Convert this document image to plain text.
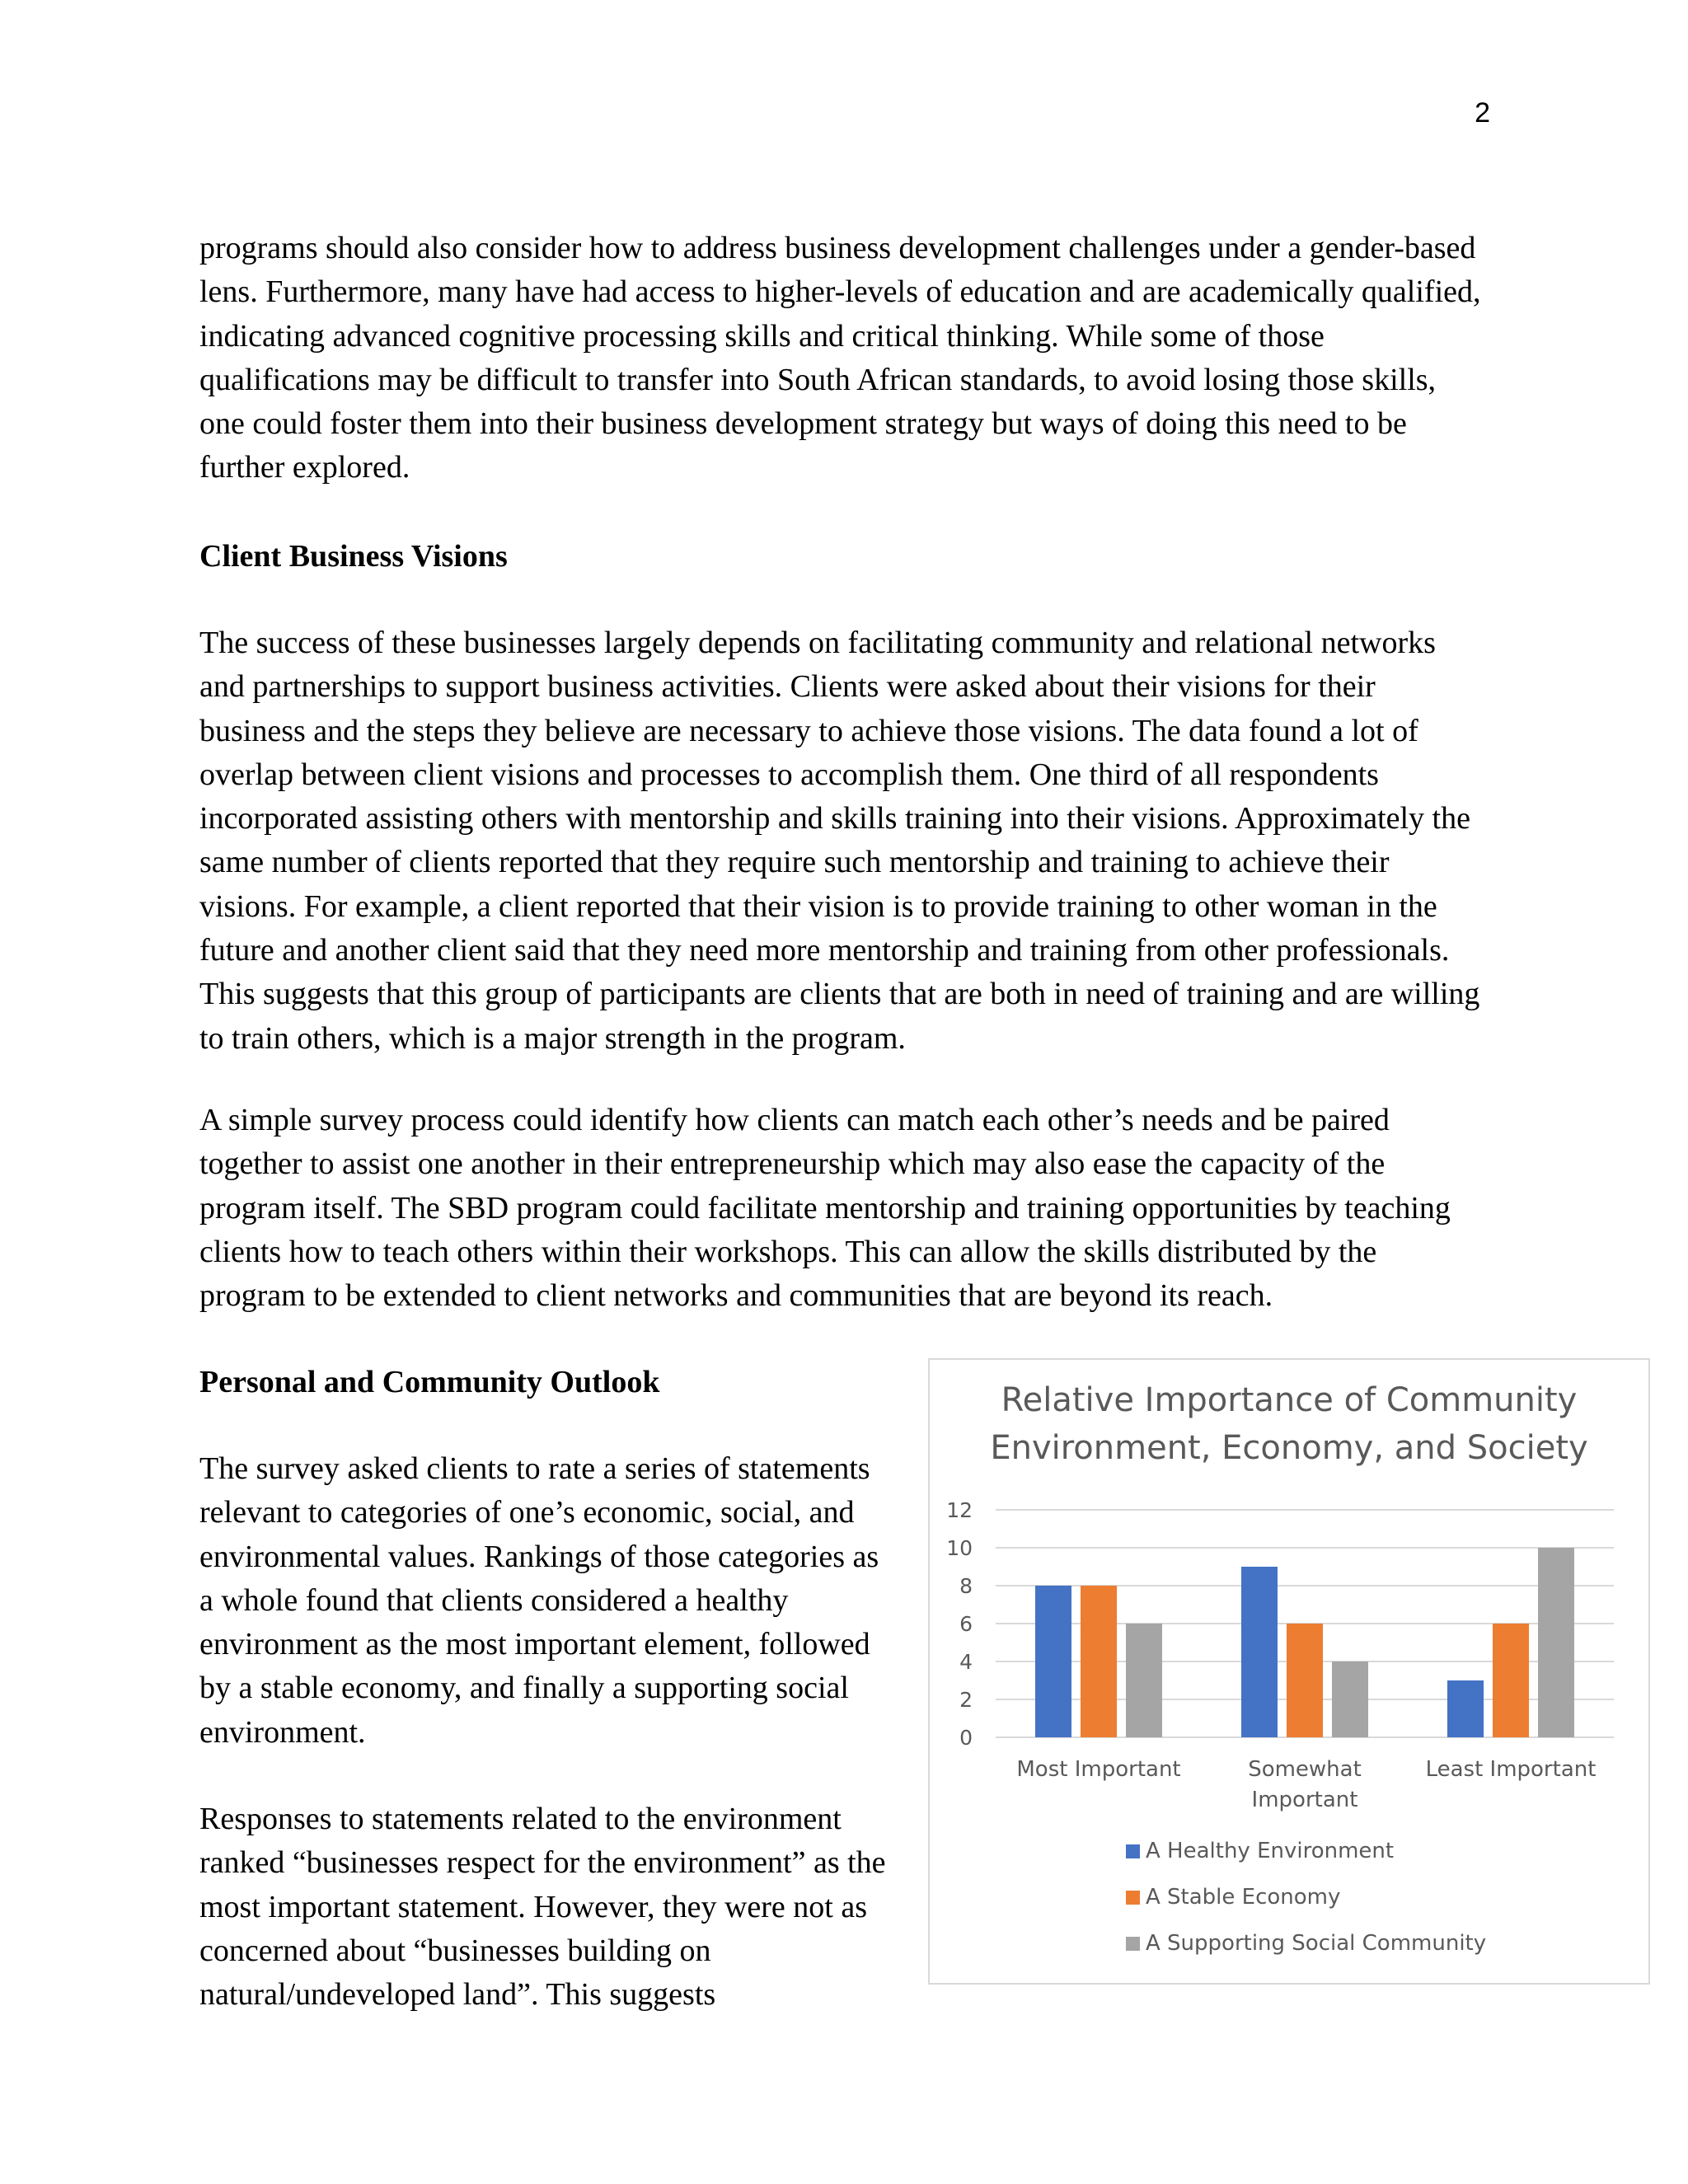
2

programs should also consider how to address business development challenges under a gender-based lens. Furthermore, many have had access to higher-levels of education and are academically qualified, indicating advanced cognitive processing skills and critical thinking. While some of those qualifications may be difficult to transfer into South African standards, to avoid losing those skills, one could foster them into their business development strategy but ways of doing this need to be further explored.

Client Business Visions

The success of these businesses largely depends on facilitating community and relational networks and partnerships to support business activities. Clients were asked about their visions for their business and the steps they believe are necessary to achieve those visions. The data found a lot of overlap between client visions and processes to accomplish them. One third of all respondents incorporated assisting others with mentorship and skills training into their visions. Approximately the same number of clients reported that they require such mentorship and training to achieve their visions. For example, a client reported that their vision is to provide training to other woman in the future and another client said that they need more mentorship and training from other professionals. This suggests that this group of participants are clients that are both in need of training and are willing to train others, which is a major strength in the program.

A simple survey process could identify how clients can match each other’s needs and be paired together to assist one another in their entrepreneurship which may also ease the capacity of the program itself. The SBD program could facilitate mentorship and training opportunities by teaching clients how to teach others within their workshops. This can allow the skills distributed by the program to be extended to client networks and communities that are beyond its reach.

Personal and Community Outlook

The survey asked clients to rate a series of statements relevant to categories of one’s economic, social, and environmental values. Rankings of those categories as a whole found that clients considered a healthy environment as the most important element, followed by a stable economy, and finally a supporting social environment.

Responses to statements related to the environment ranked “businesses respect for the environment” as the most important statement. However, they were not as concerned about “businesses building on natural/undeveloped land”. This suggests

Relative Importance of Community
Environment, Economy, and Society
0
2
4
6
8
10
12
Most Important	Somewhat
Important
Least Important
A Healthy Environment
A Stable Economy
A Supporting Social Community
